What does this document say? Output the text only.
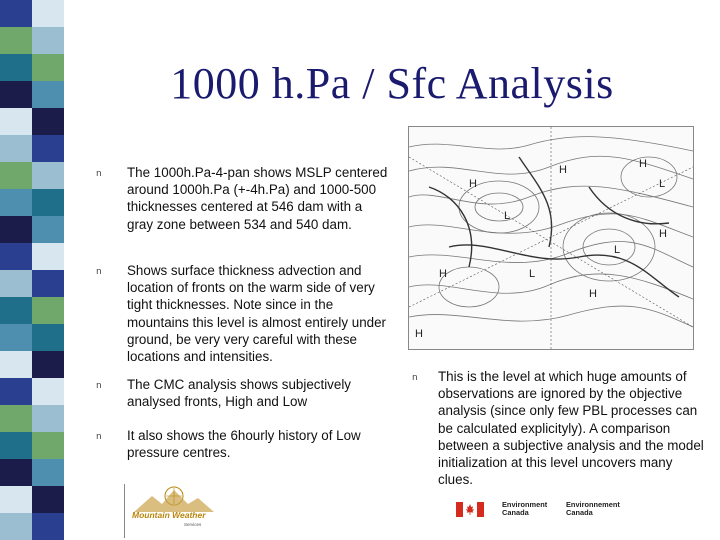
1000 h.Pa / Sfc Analysis
n The 1000h.Pa-4-pan shows MSLP centered around 1000h.Pa (+-4h.Pa) and 1000-500 thicknesses centered at 546 dam with a gray zone between 534 and 540 dam.
n Shows surface thickness advection and location of fronts on the warm side of very tight thicknesses. Note since in the mountains this level is almost entirely under ground, be very very careful with these locations and intensities.
n The CMC analysis shows subjectively analysed fronts, High and Low
n It also shows the 6hourly history of Low pressure centres.
H
H	H
H
H
H
L
L
L
L
H
n This is the level at which huge amounts of observations are ignored by the objective analysis (since only few PBL processes can be calculated explicityly). A comparison between a subjective analysis and the model initialization at this level uncovers many clues.
Mountain Weather
Services
Environment
Canada
Environnement
Canada
